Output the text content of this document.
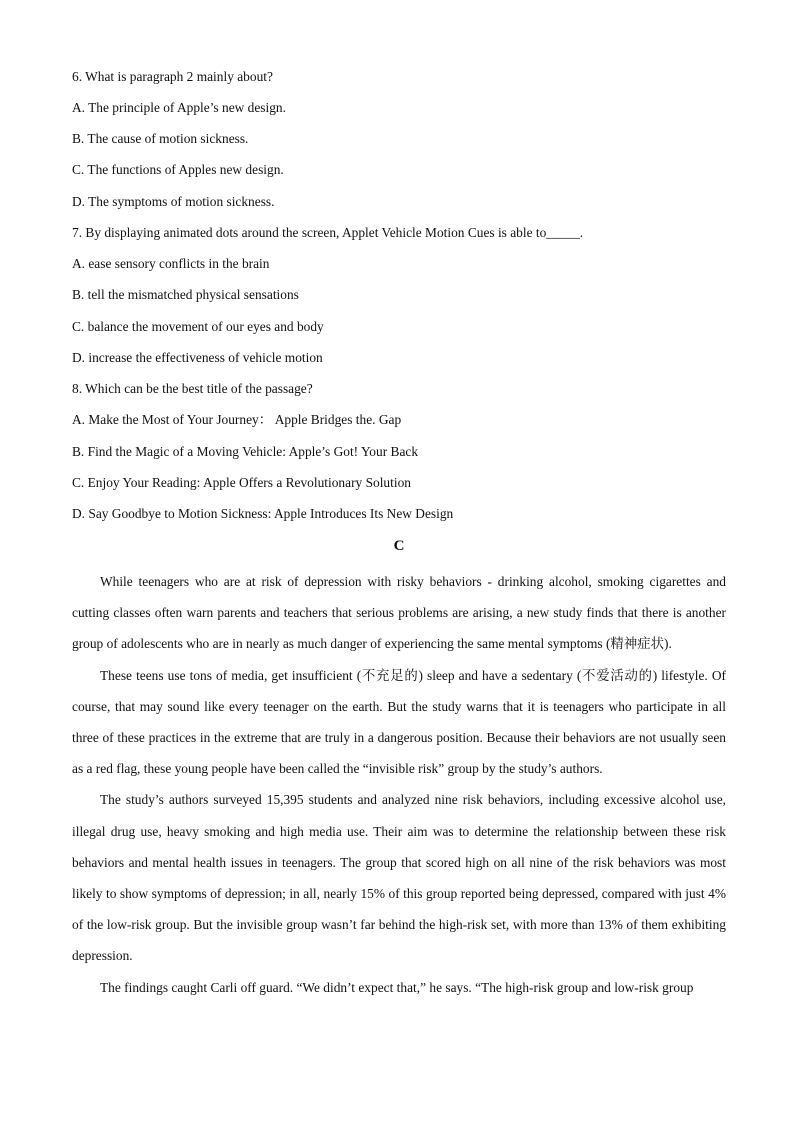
6. What is paragraph 2 mainly about?
A. The principle of Apple’s new design.
B. The cause of motion sickness.
C. The functions of Apples new design.
D. The symptoms of motion sickness.
7. By displaying animated dots around the screen, Applet Vehicle Motion Cues is able to_____.
A. ease sensory conflicts in the brain
B. tell the mismatched physical sensations
C. balance the movement of our eyes and body
D. increase the effectiveness of vehicle motion
8. Which can be the best title of the passage?
A. Make the Most of Your Journey： Apple Bridges the. Gap
B. Find the Magic of a Moving Vehicle: Apple’s Got! Your Back
C. Enjoy Your Reading: Apple Offers a Revolutionary Solution
D. Say Goodbye to Motion Sickness: Apple Introduces Its New Design
C

While teenagers who are at risk of depression with risky behaviors - drinking alcohol, smoking cigarettes and cutting classes often warn parents and teachers that serious problems are arising, a new study finds that there is another group of adolescents who are in nearly as much danger of experiencing the same mental symptoms (精神症状).

These teens use tons of media, get insufficient (不充足的) sleep and have a sedentary (不爱活动的) lifestyle. Of course, that may sound like every teenager on the earth. But the study warns that it is teenagers who participate in all three of these practices in the extreme that are truly in a dangerous position. Because their behaviors are not usually seen as a red flag, these young people have been called the “invisible risk” group by the study’s authors.

The study’s authors surveyed 15,395 students and analyzed nine risk behaviors, including excessive alcohol use, illegal drug use, heavy smoking and high media use. Their aim was to determine the relationship between these risk behaviors and mental health issues in teenagers. The group that scored high on all nine of the risk behaviors was most likely to show symptoms of depression; in all, nearly 15% of this group reported being depressed, compared with just 4% of the low-risk group. But the invisible group wasn’t far behind the high-risk set, with more than 13% of them exhibiting depression.

The findings caught Carli off guard. “We didn’t expect that,” he says. “The high-risk group and low-risk group
